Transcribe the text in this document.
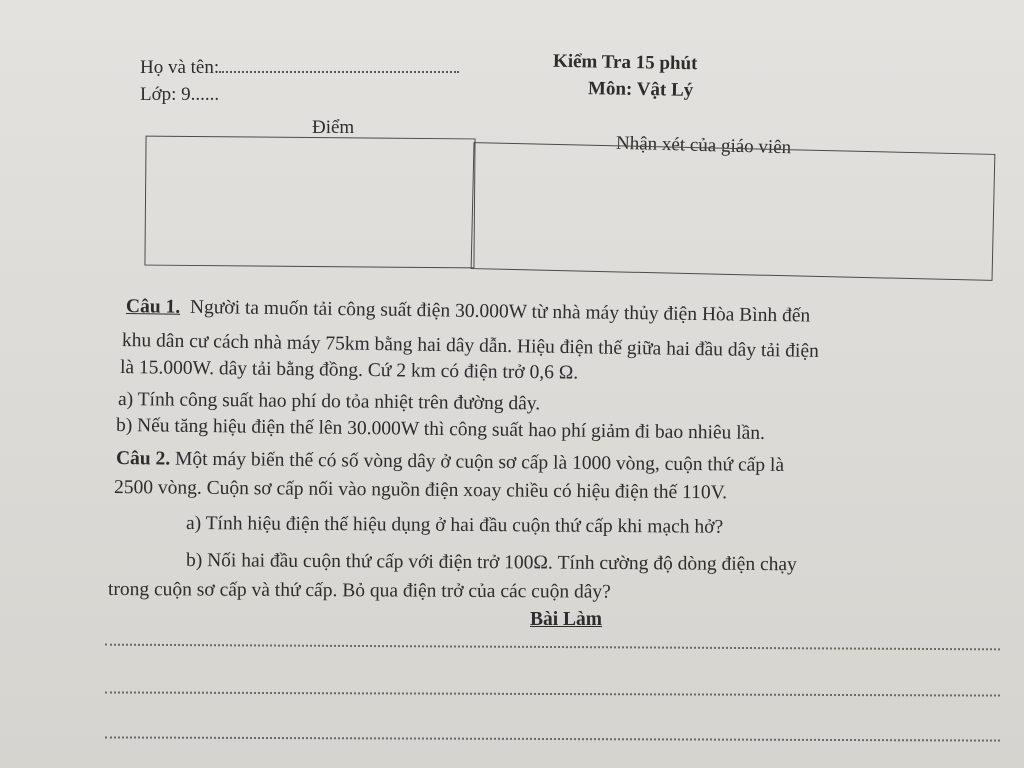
Họ và tên:
Lớp: 9......
Kiểm Tra 15 phút
Môn: Vật Lý
Điểm
Nhận xét của giáo viên
Câu 1. Người ta muốn tải công suất điện 30.000W từ nhà máy thủy điện Hòa Bình đến
khu dân cư cách nhà máy 75km bằng hai dây dẫn. Hiệu điện thế giữa hai đầu dây tải điện
là 15.000W. dây tải bằng đồng. Cứ 2 km có điện trở 0,6 Ω.
a) Tính công suất hao phí do tỏa nhiệt trên đường dây.
b) Nếu tăng hiệu điện thế lên 30.000W thì công suất hao phí giảm đi bao nhiêu lần.
Câu 2. Một máy biến thế có số vòng dây ở cuộn sơ cấp là 1000 vòng, cuộn thứ cấp là
2500 vòng. Cuộn sơ cấp nối vào nguồn điện xoay chiều có hiệu điện thế 110V.
a) Tính hiệu điện thế hiệu dụng ở hai đầu cuộn thứ cấp khi mạch hở?
b) Nối hai đầu cuộn thứ cấp với điện trở 100Ω. Tính cường độ dòng điện chạy
trong cuộn sơ cấp và thứ cấp. Bỏ qua điện trở của các cuộn dây?
Bài Làm
